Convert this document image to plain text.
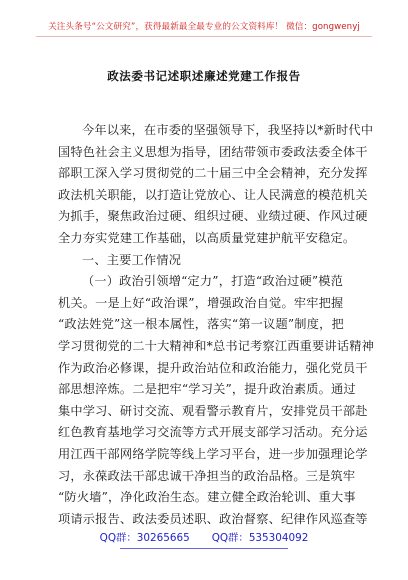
关注头条号“公文研究”，获得最新最全最专业的公文资料库！ 微信：gongwenyj
政法委书记述职述廉述党建工作报告
今年以来，在市委的坚强领导下，我坚持以*新时代中
国特色社会主义思想为指导，团结带领市委政法委全体干
部职工深入学习贯彻党的二十届三中全会精神，充分发挥
政法机关职能，以打造让党放心、让人民满意的模范机关
为抓手，聚焦政治过硬、组织过硬、业绩过硬、作风过硬
全力夯实党建工作基础，以高质量党建护航平安稳定。
一、主要工作情况
（一）政治引领增“定力”，打造“政治过硬”模范
机关。一是上好“政治课”，增强政治自觉。牢牢把握
“政法姓党”这一根本属性，落实“第一议题”制度，把
学习贯彻党的二十大精神和*总书记考察江西重要讲话精神
作为政治必修课，提升政治站位和政治能力，强化党员干
部思想淬炼。二是把牢“学习关”，提升政治素质。通过
集中学习、研讨交流、观看警示教育片，安排党员干部赴
红色教育基地学习交流等方式开展支部学习活动。充分运
用江西干部网络学院等线上学习平台，进一步加强理论学
习，永葆政法干部忠诚干净担当的政治品格。三是筑牢
“防火墙”，净化政治生态。建立健全政治轮训、重大事
项请示报告、政法委员述职、政治督察、纪律作风巡查等
QQ群：30265665 QQ群：535304092
